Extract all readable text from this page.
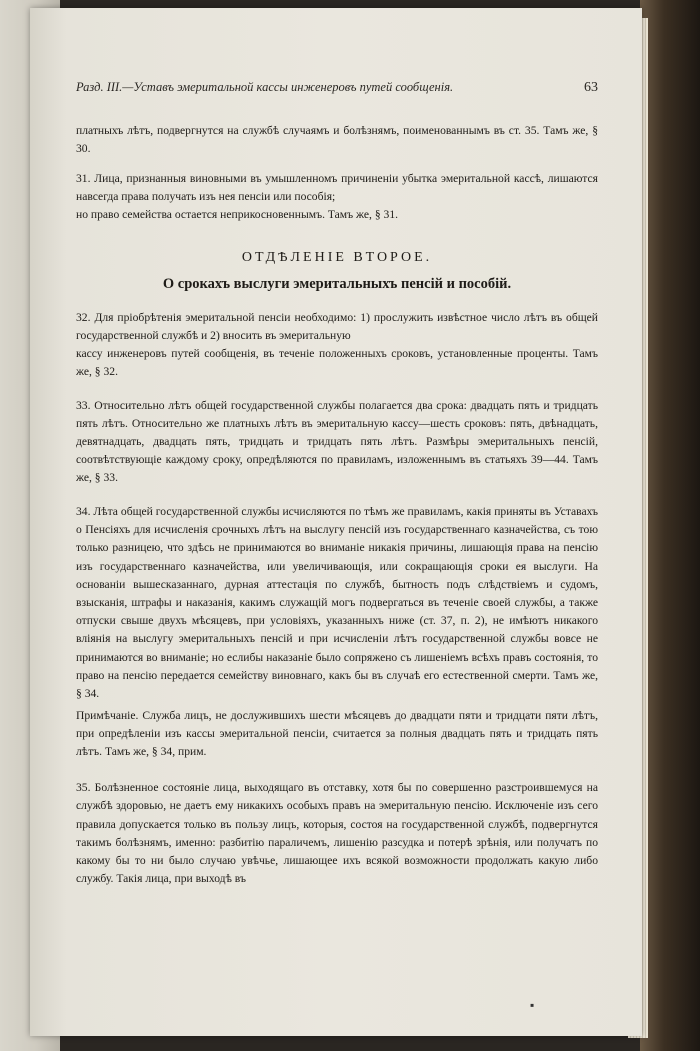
Разд. III.—Уставъ эмеритальной кассы инженеровъ путей сообщенія.	63

платныхъ лѣтъ, подвергнутся на службѣ случаямъ и болѣзнямъ, поименованнымъ въ ст. 35. Тамъ же, § 30.

31. Лица, признанныя виновными въ умышленномъ причиненіи убытка эмеритальной кассѣ, лишаются навсегда права получать изъ нея пенсіи или пособія;

но право семейства остается неприкосновеннымъ. Тамъ же, § 31.

ОТДѢЛЕНІЕ ВТОРОЕ.

О срокахъ выслуги эмеритальныхъ пенсій и пособій.

32. Для пріобрѣтенія эмеритальной пенсіи необходимо: 1) прослужить извѣстное число лѣтъ въ общей государственной службѣ и 2) вносить въ эмеритальную

кассу инженеровъ путей сообщенія, въ теченіе положенныхъ сроковъ, установленные проценты. Тамъ же, § 32.

33. Относительно лѣтъ общей государственной службы полагается два срока: двадцать пять и тридцать пять лѣтъ. Относительно же платныхъ лѣтъ въ эмеритальную кассу—шесть сроковъ: пять, двѣнадцать, девятнадцать, двадцать пять, тридцать и тридцать пять лѣтъ. Размѣры эмеритальныхъ пенсій, соотвѣтствующіе каждому сроку, опредѣляются по правиламъ, изложеннымъ въ статьяхъ 39—44. Тамъ же, § 33.

34. Лѣта общей государственной службы исчисляются по тѣмъ же правиламъ, какія приняты въ Уставахъ о Пенсіяхъ для исчисленія срочныхъ лѣтъ на выслугу пенсій изъ государственнаго казначейства, съ тою только разницею, что здѣсь не принимаются во вниманіе никакія причины, лишающія права на пенсію изъ государственнаго казначейства, или увеличивающія, или сокращающія сроки ея выслуги. На основаніи вышесказаннаго, дурная аттестація по службѣ, бытность подъ слѣдствіемъ и судомъ, взысканія, штрафы и наказанія, какимъ служащій могъ подвергаться въ теченіе своей службы, а также отпуски свыше двухъ мѣсяцевъ, при условіяхъ, указанныхъ ниже (ст. 37, п. 2), не имѣютъ никакого вліянія на выслугу эмеритальныхъ пенсій и при исчисленіи лѣтъ государственной службы вовсе не принимаются во вниманіе; но еслибы наказаніе было сопряжено съ лишеніемъ всѣхъ правъ состоянія, то право на пенсію передается семейству виновнаго, какъ бы въ случаѣ его естественной смерти. Тамъ же, § 34.

Примѣчаніе. Служба лицъ, не дослужившихъ шести мѣсяцевъ до двадцати пяти и тридцати пяти лѣтъ, при опредѣленіи изъ кассы эмеритальной пенсіи, считается за полныя двадцать пять и тридцать пять лѣтъ. Тамъ же, § 34, прим.

35. Болѣзненное состояніе лица, выходящаго въ отставку, хотя бы по совершенно разстроившемуся на службѣ здоровью, не даетъ ему никакихъ особыхъ правъ на эмеритальную пенсію. Исключеніе изъ сего правила допускается только въ пользу лицъ, которыя, состоя на государственной службѣ, подвергнутся такимъ болѣзнямъ, именно: разбитію параличемъ, лишенію разсудка и потерѣ зрѣнія, или получатъ по какому бы то ни было случаю увѣчье, лишающее ихъ всякой возможности продолжать какую либо службу. Такія лица, при выходѣ въ

▪
